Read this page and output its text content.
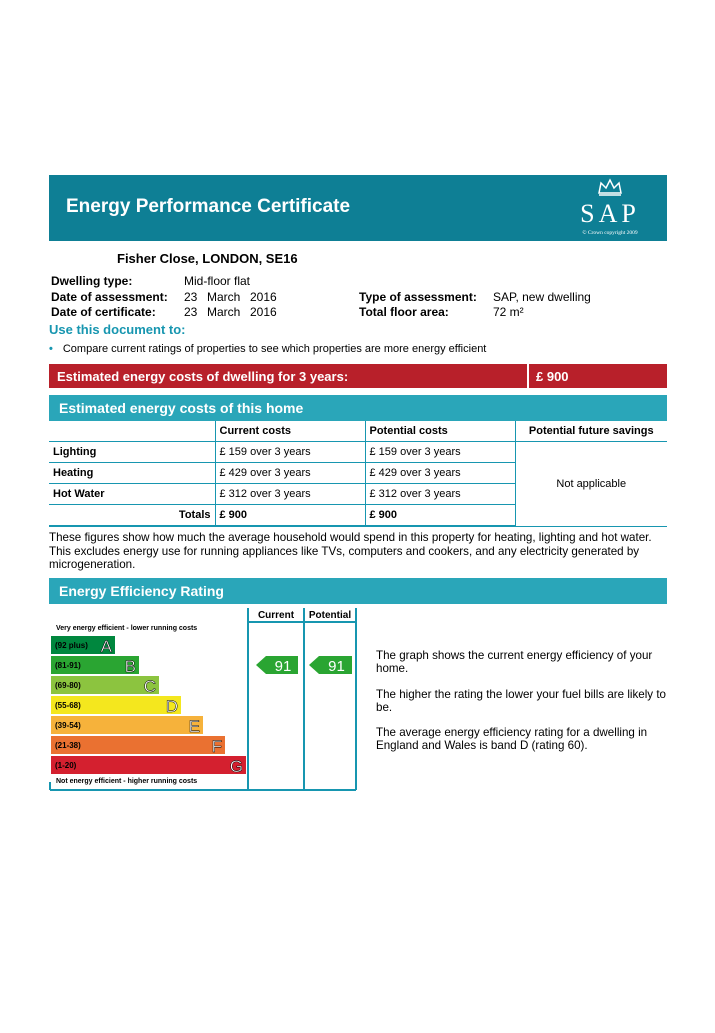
Energy Performance Certificate	SAP
© Crown copyright 2009
Fisher Close, LONDON, SE16
Dwelling type:	Mid-floor flat
Date of assessment: 23 March 2016
Date of certificate: 23 March 2016
Type of assessment: SAP, new dwelling
Total floor area:	72 m²
Use this document to:
• Compare current ratings of properties to see which properties are more energy efficient
Estimated energy costs of dwelling for 3 years:	£ 900
Estimated energy costs of this home
	Current costs	Potential costs	Potential future savings
Lighting	£ 159 over 3 years	£ 159 over 3 years	Not applicable
Heating	£ 429 over 3 years	£ 429 over 3 years	
Hot Water	£ 312 over 3 years	£ 312 over 3 years	
Totals	£ 900	£ 900	
These figures show how much the average household would spend in this property for heating, lighting and hot water. This excludes energy use for running appliances like TVs, computers and cookers, and any electricity generated by microgeneration.
Energy Efficiency Rating
Current Potential
Very energy efficient - lower running costs
(92 plus) A
(81-91)	B
(69-80)	C
(55-68)	D
(39-54)	E
(21-38)	F
(1-20)	G
Not energy efficient - higher running costs
91 91
The graph shows the current energy efficiency of your home.
The higher the rating the lower your fuel bills are likely to be.
The average energy efficiency rating for a dwelling in England and Wales is band D (rating 60).
